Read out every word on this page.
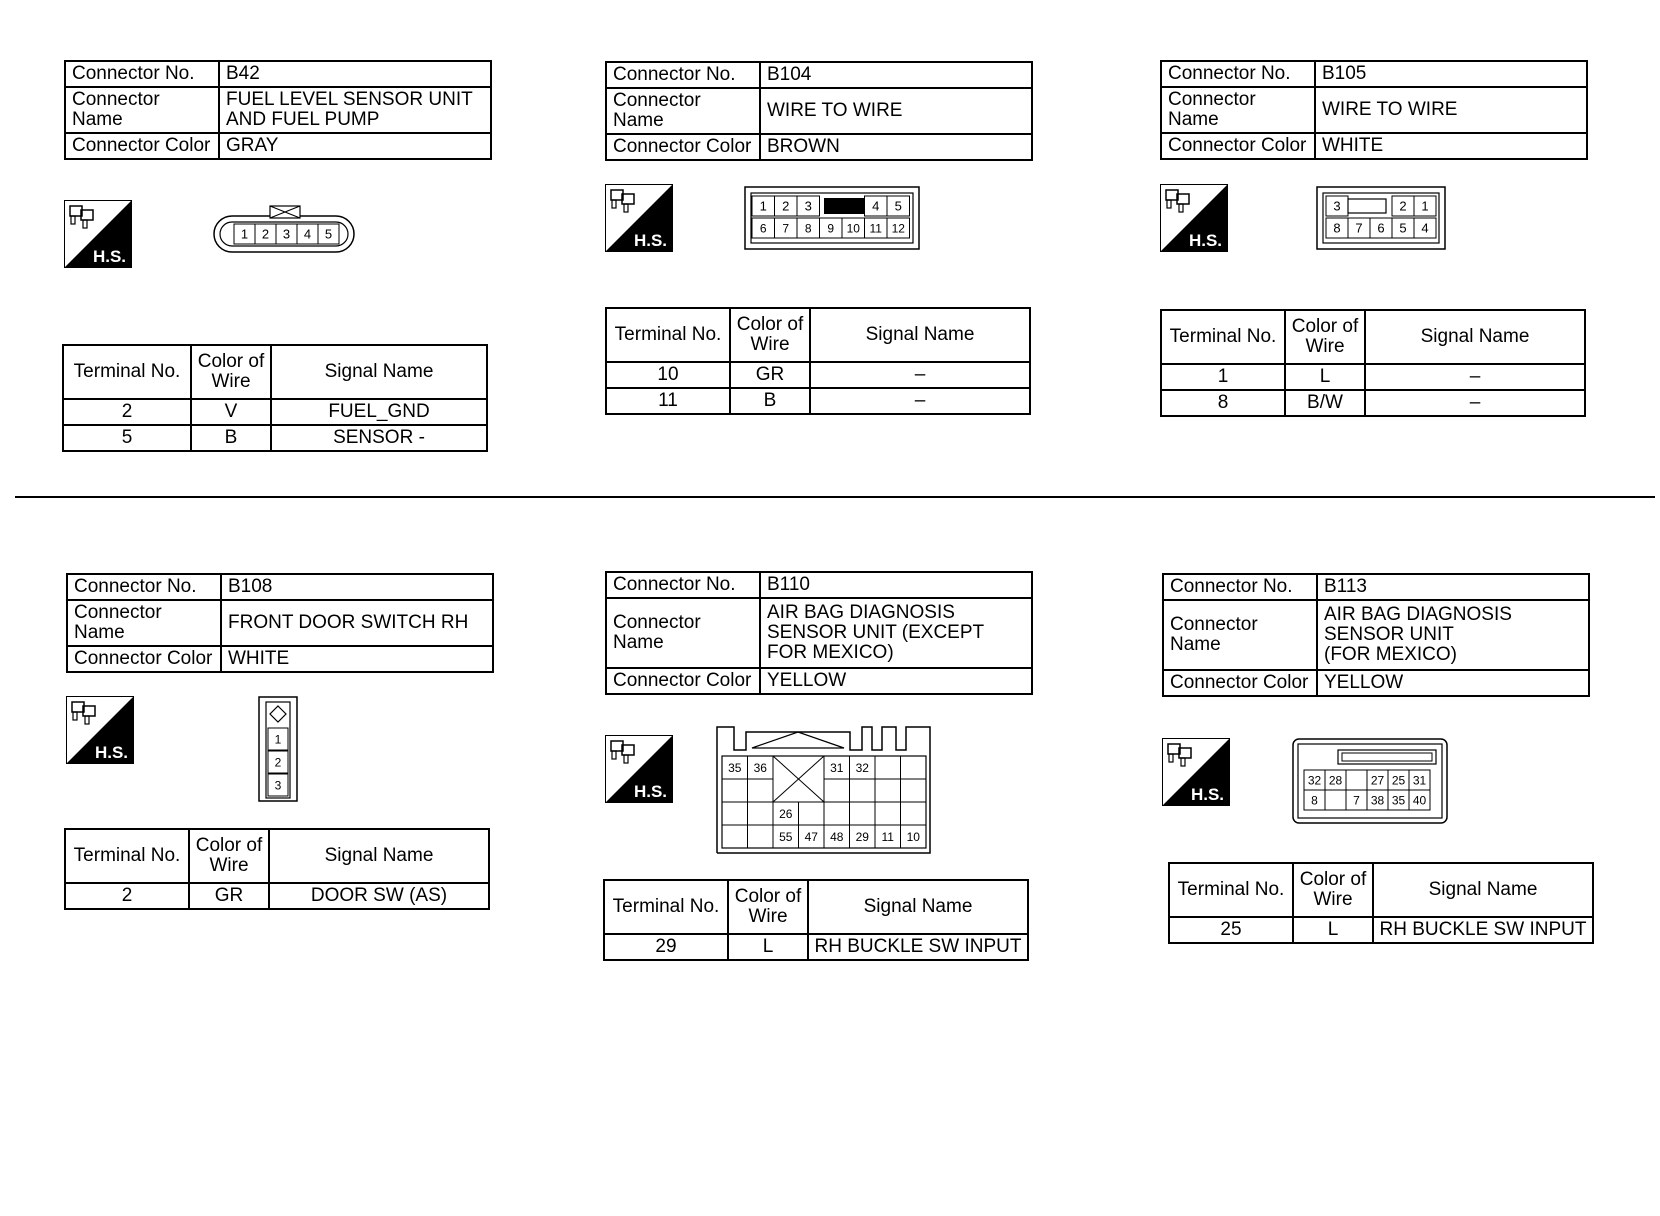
Connector No.	B42
Connector Name	FUEL LEVEL SENSOR UNIT
AND FUEL PUMP
Connector Color	GRAY
H.S.
1 2 3 4 5
Terminal No.	Color of
Wire	Signal Name
2	V	FUEL_GND
5	B	SENSOR -
Connector No.	B104
Connector Name	WIRE TO WIRE
Connector Color	BROWN
H.S.
1 2 3	4 5
6 7 8 9 10 11 12
Terminal No.	Color of
Wire	Signal Name
10	GR	–
11	B	–
Connector No.	B105
Connector Name	WIRE TO WIRE
Connector Color	WHITE
H.S.
3	2 1
8 7 6 5 4
Terminal No.	Color of
Wire	Signal Name
1	L	–
8	B/W	–
Connector No.	B108
Connector Name	FRONT DOOR SWITCH RH
Connector Color	WHITE
H.S.
1
2
3
Terminal No.	Color of
Wire	Signal Name
2	GR	DOOR SW (AS)
Connector No.	B110
Connector Name	AIR BAG DIAGNOSIS
SENSOR UNIT (EXCEPT
FOR MEXICO)
Connector Color	YELLOW
H.S.
35 36	31 32
26
55 47 48 29 11 10
Terminal No.	Color of
Wire	Signal Name
29	L	RH BUCKLE SW INPUT
Connector No.	B113
Connector Name	AIR BAG DIAGNOSIS
SENSOR UNIT
(FOR MEXICO)
Connector Color	YELLOW
H.S.
32 28 27 25 31
8	7 38 35 40
Terminal No.	Color of
Wire	Signal Name
25	L	RH BUCKLE SW INPUT
